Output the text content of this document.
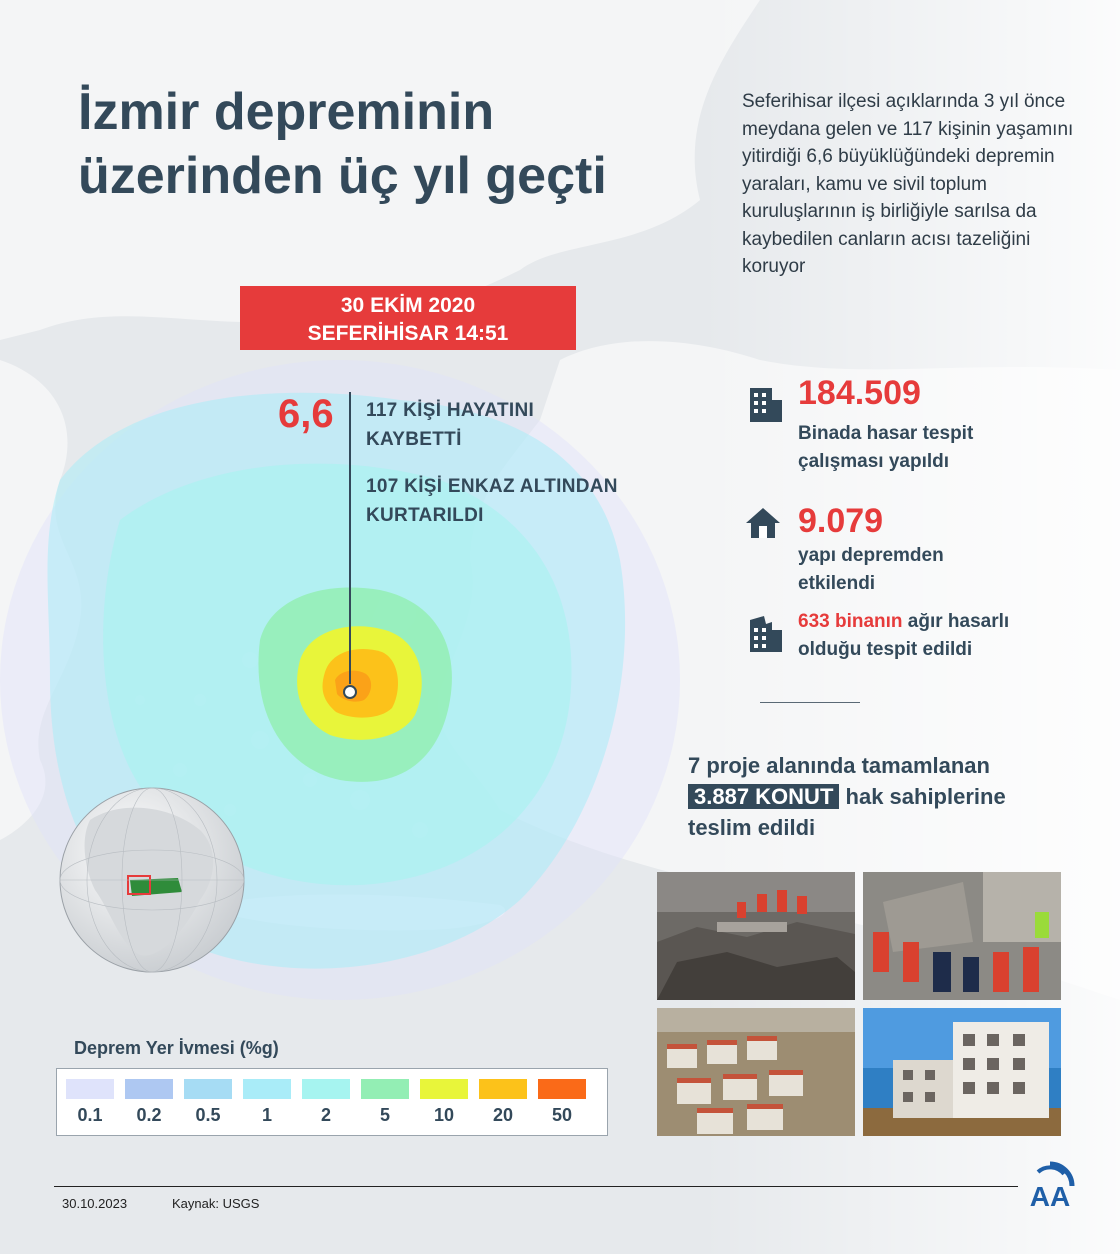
İzmir depreminin
üzerinden üç yıl geçti
Seferihisar ilçesi açıklarında 3 yıl önce meydana gelen ve 117 kişinin yaşamını yitirdiği 6,6 büyüklüğündeki depremin yaraları, kamu ve sivil toplum kuruluşlarının iş birliğiyle sarılsa da kaybedilen canların acısı tazeliğini koruyor
30 EKİM 2020
SEFERİHİSAR 14:51
6,6 117 KİŞİ HAYATINI
KAYBETTİ
107 KİŞİ ENKAZ ALTINDAN
KURTARILDI
184.509
Binada hasar tespit
çalışması yapıldı
9.079
yapı depremden
etkilendi
633 binanın ağır hasarlı
olduğu tespit edildi
7 proje alanında tamamlanan
3.887 KONUT hak sahiplerine
teslim edildi
Deprem Yer İvmesi (%g)
0.1	0.2	0.5	1	2	5	10	20	50
30.10.2023	Kaynak: USGS	AA
